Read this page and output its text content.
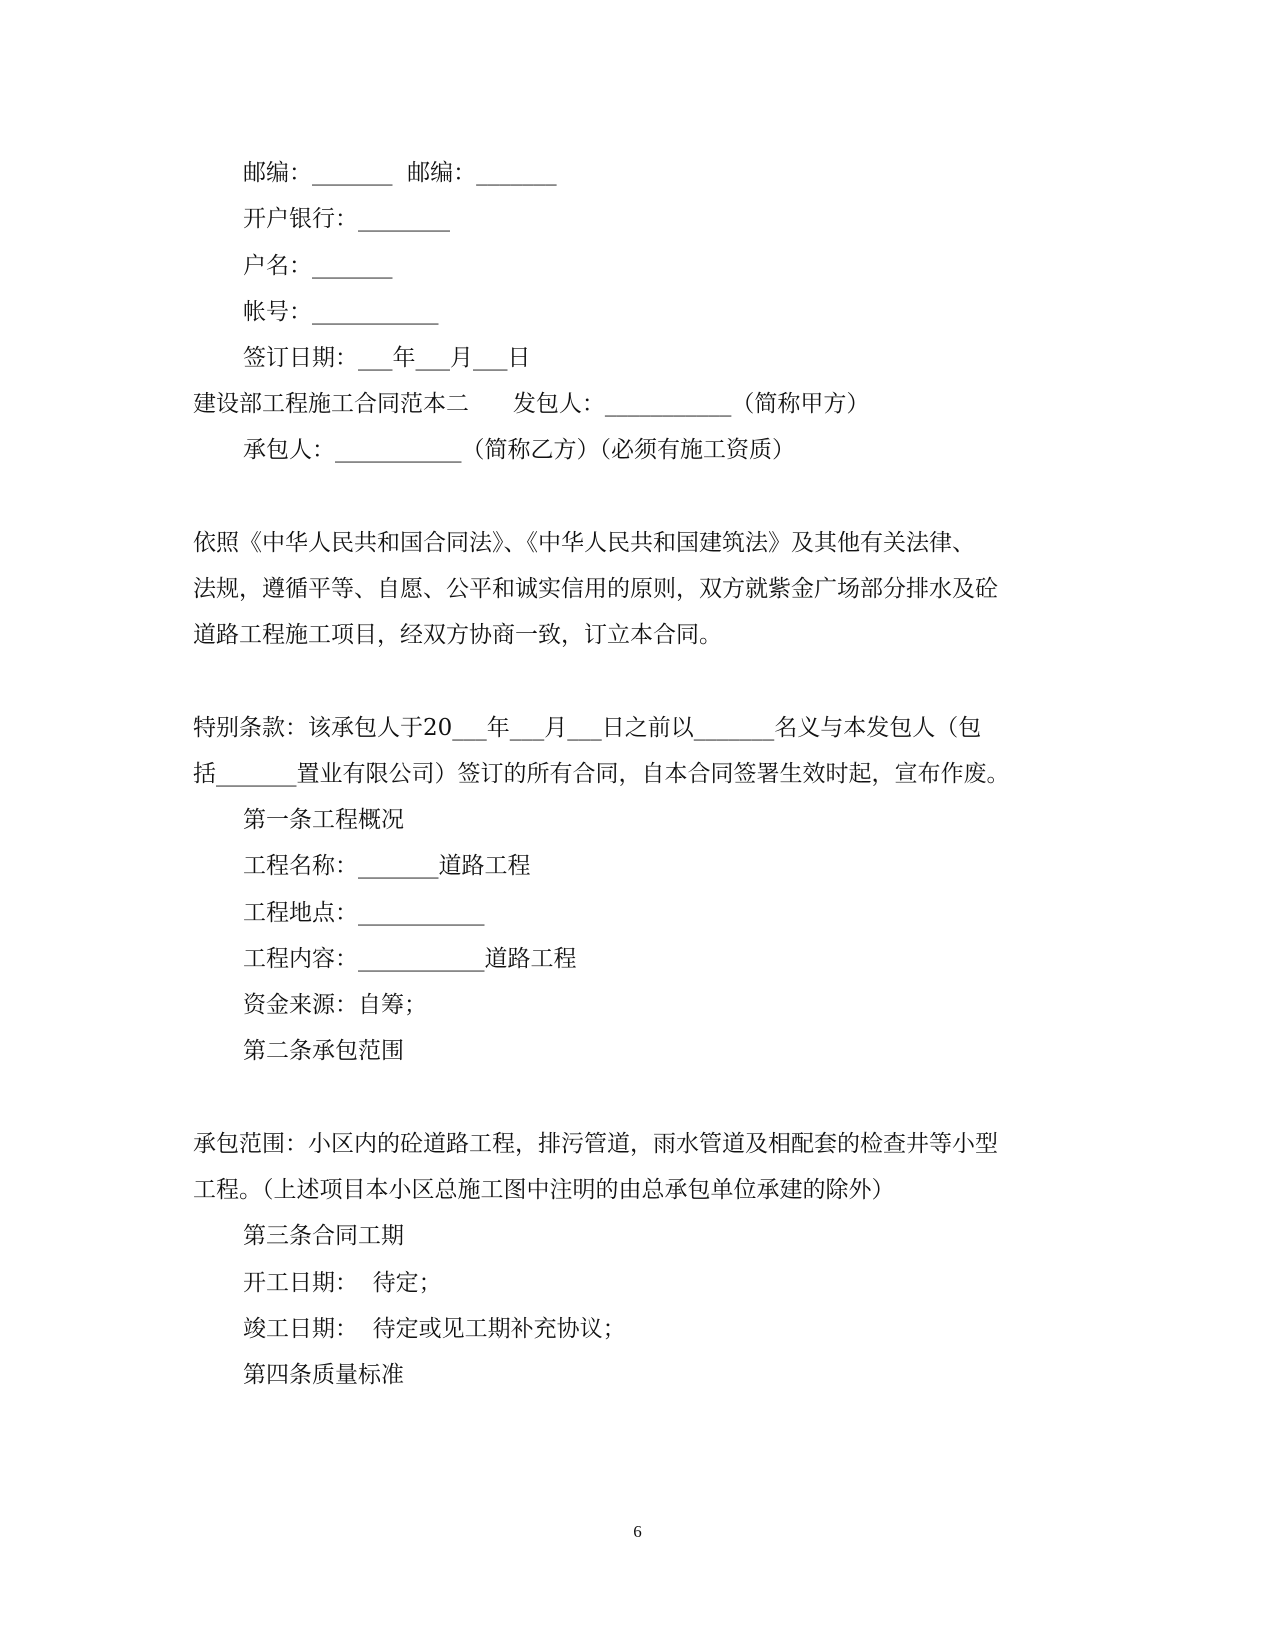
邮编：_______  邮编：_______
开户银行：________
户名：_______
帐号：___________
签订日期：___年___月___日
建设部工程施工合同范本二      发包人：___________（简称甲方）
承包人：___________（简称乙方）（必须有施工资质）
依照《中华人民共和国合同法》、《中华人民共和国建筑法》及其他有关法律、
法规，遵循平等、自愿、公平和诚实信用的原则，双方就紫金广场部分排水及砼
道路工程施工项目，经双方协商一致，订立本合同。
特别条款：该承包人于20___年___月___日之前以_______名义与本发包人（包
括_______置业有限公司）签订的所有合同，自本合同签署生效时起，宣布作废。
第一条工程概况
工程名称：_______道路工程
工程地点：___________
工程内容：___________道路工程
资金来源：自筹；
第二条承包范围
承包范围：小区内的砼道路工程，排污管道，雨水管道及相配套的检查井等小型
工程。（上述项目本小区总施工图中注明的由总承包单位承建的除外）
第三条合同工期
开工日期：  待定；
竣工日期：  待定或见工期补充协议；
第四条质量标准
6
